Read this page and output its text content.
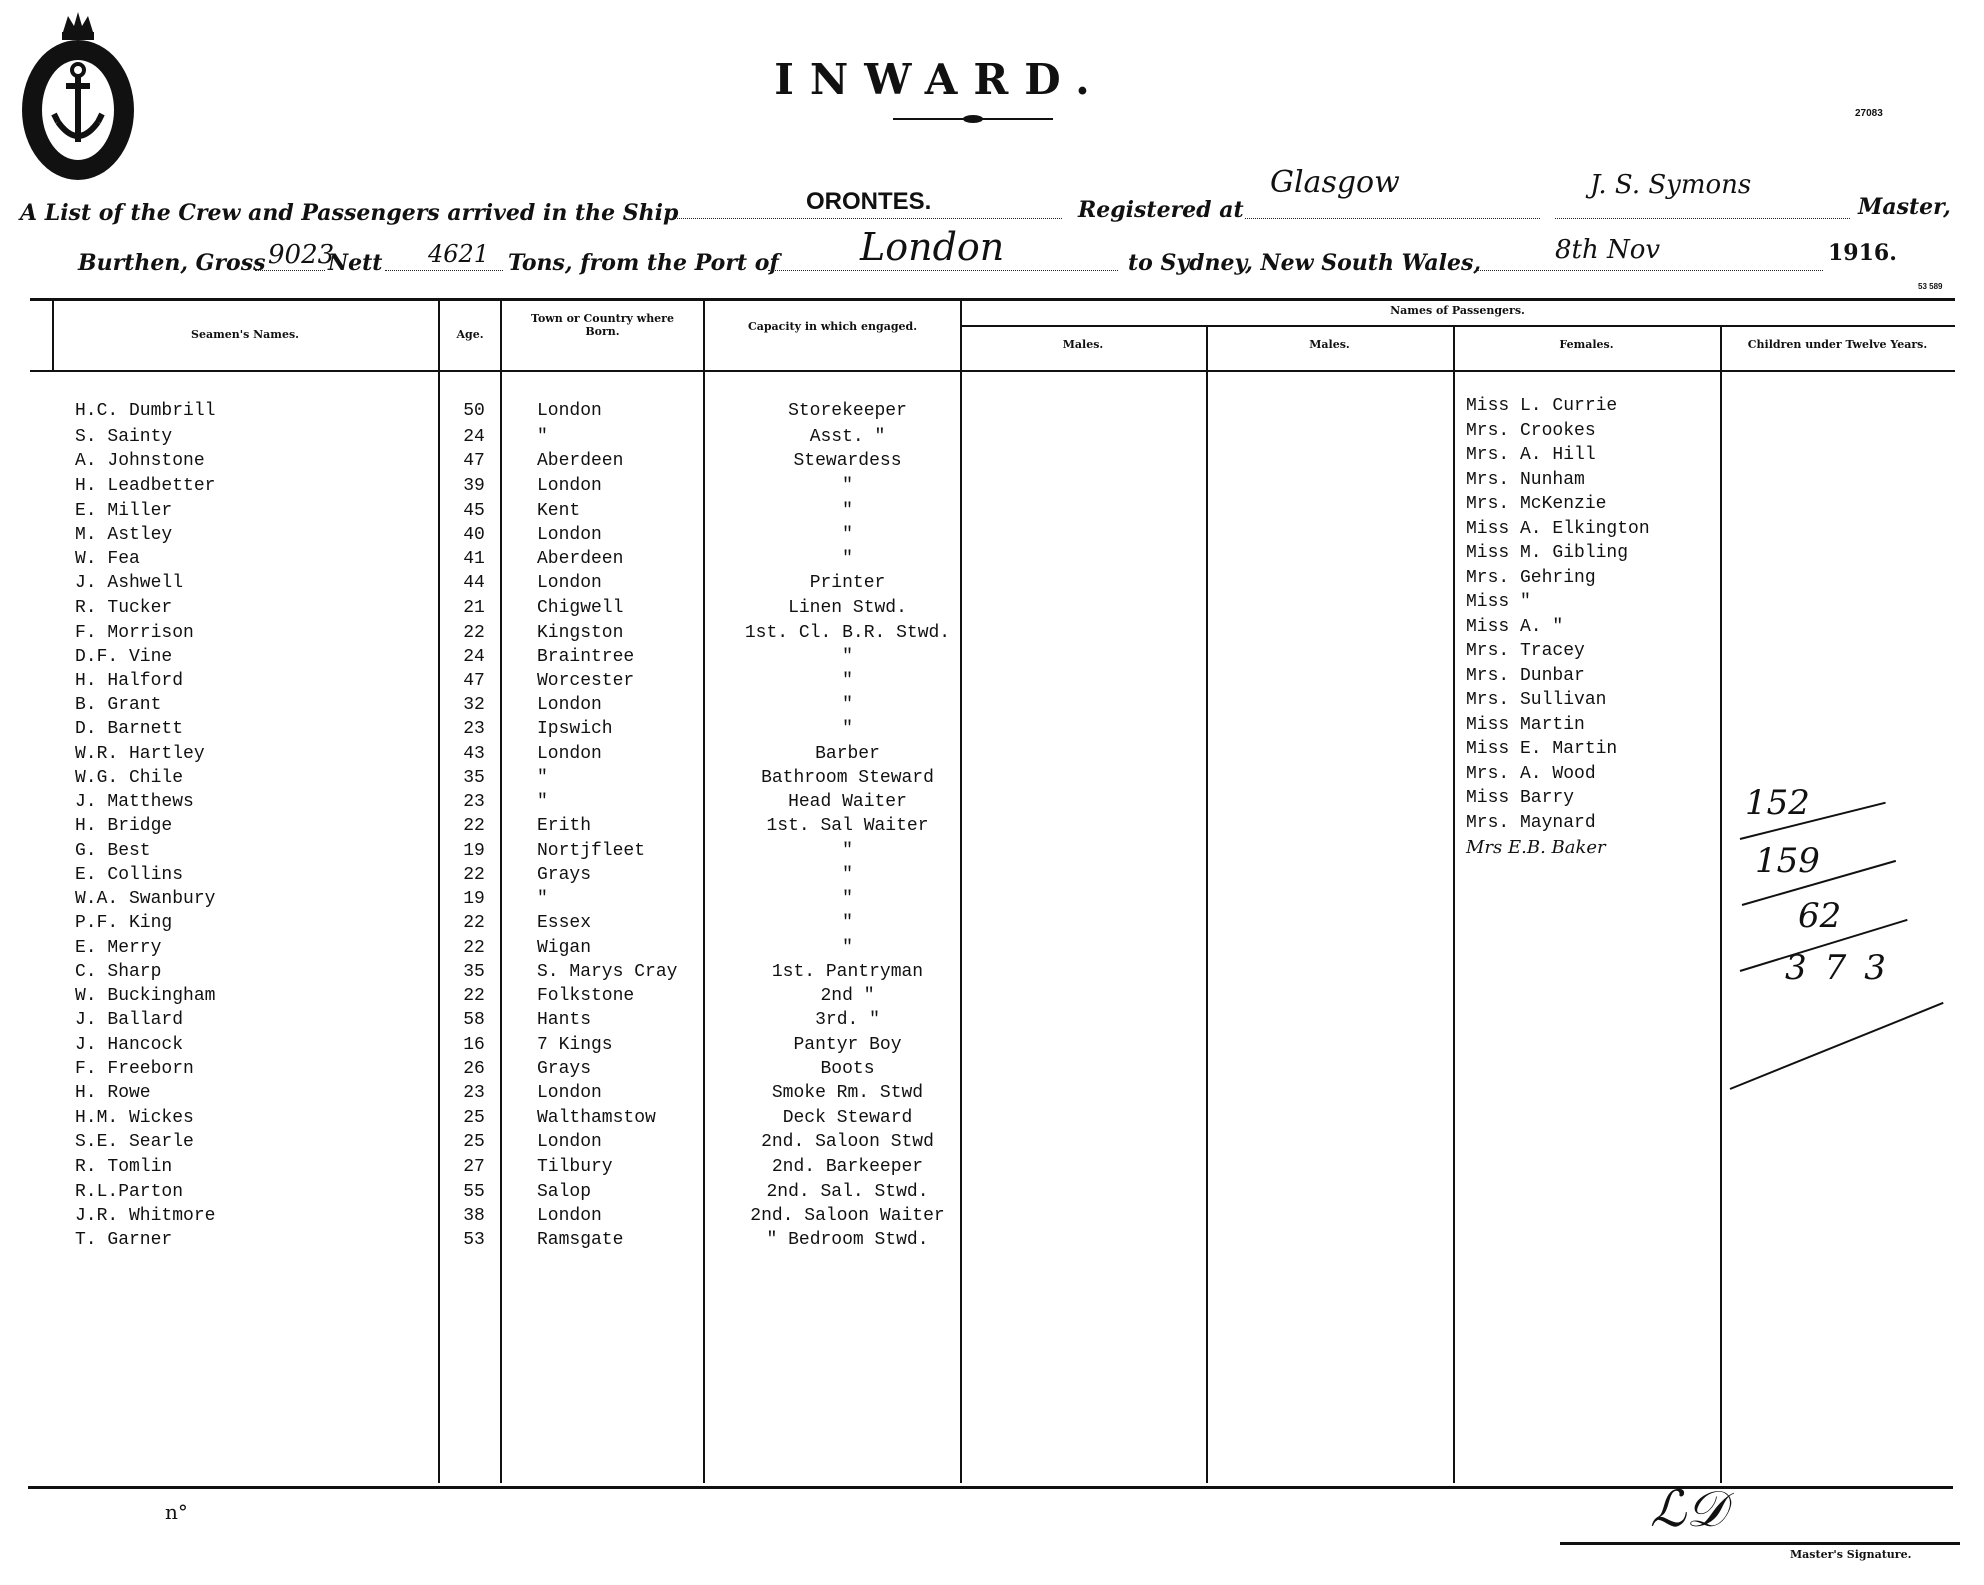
INWARD.
27083
A List of the Crew and Passengers arrived in the Ship	ORONTES.	Registered at
Glasgow	J. S. Symons
Master,
Burthen, Gross 9023
Nett 4621 Tons, from the Port of London	to Sydney, New South Wales,	8th Nov	1916.
53 589
Seamen's Names.	Age.
Town or Country where Born.	Capacity in which engaged.
Names of Passengers.
Males.	Males.	Females.	Children under Twelve Years.
H.C. Dumbrill	50	London	Storekeeper
S. Sainty	24	"	Asst. "
A. Johnstone	47	Aberdeen	Stewardess
H. Leadbetter	39	London	"
E. Miller	45	Kent	"
M. Astley	40	London	"
W. Fea	41	Aberdeen	"
J. Ashwell	44	London	Printer
R. Tucker	21	Chigwell	Linen Stwd.
F. Morrison	22	Kingston	1st. Cl. B.R. Stwd.
D.F. Vine	24	Braintree	"
H. Halford	47	Worcester	"
B. Grant	32	London	"
D. Barnett	23	Ipswich	"
W.R. Hartley	43	London	Barber
W.G. Chile	35	"	Bathroom Steward
J. Matthews	23	"	Head Waiter
H. Bridge	22	Erith	1st. Sal Waiter
G. Best	19	Nortjfleet	"
E. Collins	22	Grays	"
W.A. Swanbury	19	"	"
P.F. King	22	Essex	"
E. Merry	22	Wigan	"
C. Sharp	35	S. Marys Cray	1st. Pantryman
W. Buckingham	22	Folkstone	2nd "
J. Ballard	58	Hants	3rd. "
J. Hancock	16	7 Kings	Pantyr Boy
F. Freeborn	26	Grays	Boots
H. Rowe	23	London	Smoke Rm. Stwd
H.M. Wickes	25	Walthamstow	Deck Steward
S.E. Searle	25	London	2nd. Saloon Stwd
R. Tomlin	27	Tilbury	2nd. Barkeeper
R.L.Parton	55	Salop	2nd. Sal. Stwd.
J.R. Whitmore	38	London	2nd. Saloon Waiter
T. Garner	53	Ramsgate	" Bedroom Stwd.
Miss L. Currie
Mrs. Crookes
Mrs. A. Hill
Mrs. Nunham
Mrs. McKenzie
Miss A. Elkington
Miss M. Gibling
Mrs. Gehring
Miss "
Miss A. "
Mrs. Tracey
Mrs. Dunbar
Mrs. Sullivan
Miss Martin
Miss E. Martin
Mrs. A. Wood
Miss Barry
Mrs. Maynard
Mrs E.B. Baker
152
159
62
373
n°	ℒ𝒟
Master's Signature.
